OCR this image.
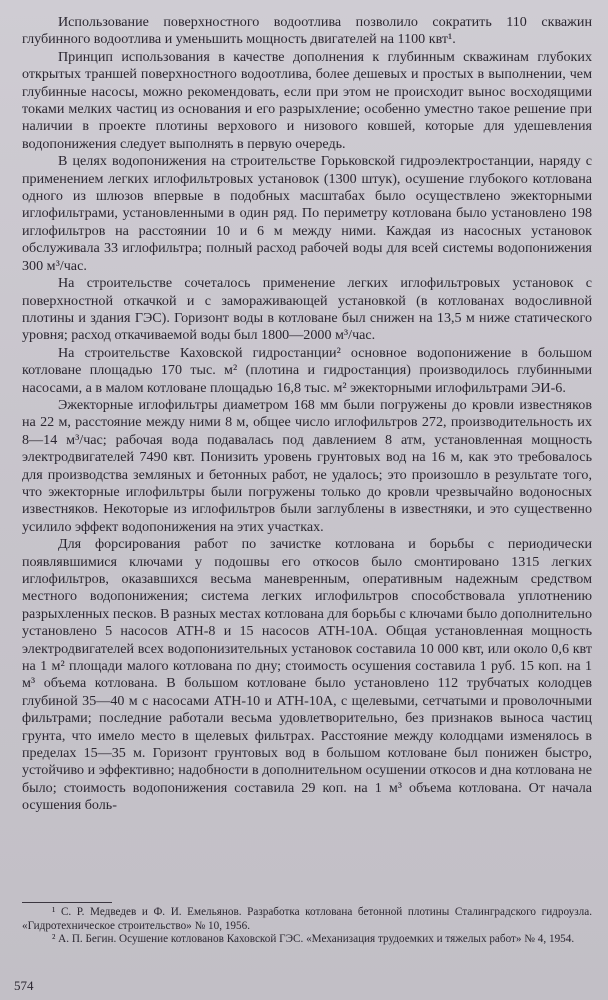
Использование поверхностного водоотлива позволило сократить 110 скважин глубинного водоотлива и уменьшить мощность двигателей на 1100 квт¹.

Принцип использования в качестве дополнения к глубинным скважинам глубоких открытых траншей поверхностного водоотлива, более дешевых и простых в выполнении, чем глубинные насосы, можно рекомендовать, если при этом не происходит вынос восходящими токами мелких частиц из основания и его разрыхление; особенно уместно такое решение при наличии в проекте плотины верхового и низового ковшей, которые для удешевления водопонижения следует выполнять в первую очередь.

В целях водопонижения на строительстве Горьковской гидроэлектростанции, наряду с применением легких иглофильтровых установок (1300 штук), осушение глубокого котлована одного из шлюзов впервые в подобных масштабах было осуществлено эжекторными иглофильтрами, установленными в один ряд. По периметру котлована было установлено 198 иглофильтров на расстоянии 10 и 6 м между ними. Каждая из насосных установок обслуживала 33 иглофильтра; полный расход рабочей воды для всей системы водопонижения 300 м³/час.

На строительстве сочеталось применение легких иглофильтровых установок с поверхностной откачкой и с замораживающей установкой (в котлованах водосливной плотины и здания ГЭС). Горизонт воды в котловане был снижен на 13,5 м ниже статического уровня; расход откачиваемой воды был 1800—2000 м³/час.

На строительстве Каховской гидростанции² основное водопонижение в большом котловане площадью 170 тыс. м² (плотина и гидростанция) производилось глубинными насосами, а в малом котловане площадью 16,8 тыс. м² эжекторными иглофильтрами ЭИ-6.

Эжекторные иглофильтры диаметром 168 мм были погружены до кровли известняков на 22 м, расстояние между ними 8 м, общее число иглофильтров 272, производительность их 8—14 м³/час; рабочая вода подавалась под давлением 8 атм, установленная мощность электродвигателей 7490 квт. Понизить уровень грунтовых вод на 16 м, как это требовалось для производства земляных и бетонных работ, не удалось; это произошло в результате того, что эжекторные иглофильтры были погружены только до кровли чрезвычайно водоносных известняков. Некоторые из иглофильтров были заглублены в известняки, и это существенно усилило эффект водопонижения на этих участках.

Для форсирования работ по зачистке котлована и борьбы с периодически появлявшимися ключами у подошвы его откосов было смонтировано 1315 легких иглофильтров, оказавшихся весьма маневренным, оперативным надежным средством местного водопонижения; система легких иглофильтров способствовала уплотнению разрыхленных песков. В разных местах котлована для борьбы с ключами было дополнительно установлено 5 насосов АТН-8 и 15 насосов АТН-10А. Общая установленная мощность электродвигателей всех водопонизительных установок составила 10 000 квт, или около 0,6 квт на 1 м² площади малого котлована по дну; стоимость осушения составила 1 руб. 15 коп. на 1 м³ объема котлована. В большом котловане было установлено 112 трубчатых колодцев глубиной 35—40 м с насосами АТН-10 и АТН-10А, с щелевыми, сетчатыми и проволочными фильтрами; последние работали весьма удовлетворительно, без признаков выноса частиц грунта, что имело место в щелевых фильтрах. Расстояние между колодцами изменялось в пределах 15—35 м. Горизонт грунтовых вод в большом котловане был понижен быстро, устойчиво и эффективно; надобности в дополнительном осушении откосов и дна котлована не было; стоимость водопонижения составила 29 коп. на 1 м³ объема котлована. От начала осушения боль-

¹ С. Р. Медведев и Ф. И. Емельянов. Разработка котлована бетонной плотины Сталинградского гидроузла. «Гидротехническое строительство» № 10, 1956.

² А. П. Бегин. Осушение котлованов Каховской ГЭС. «Механизация трудоемких и тяжелых работ» № 4, 1954.

574
